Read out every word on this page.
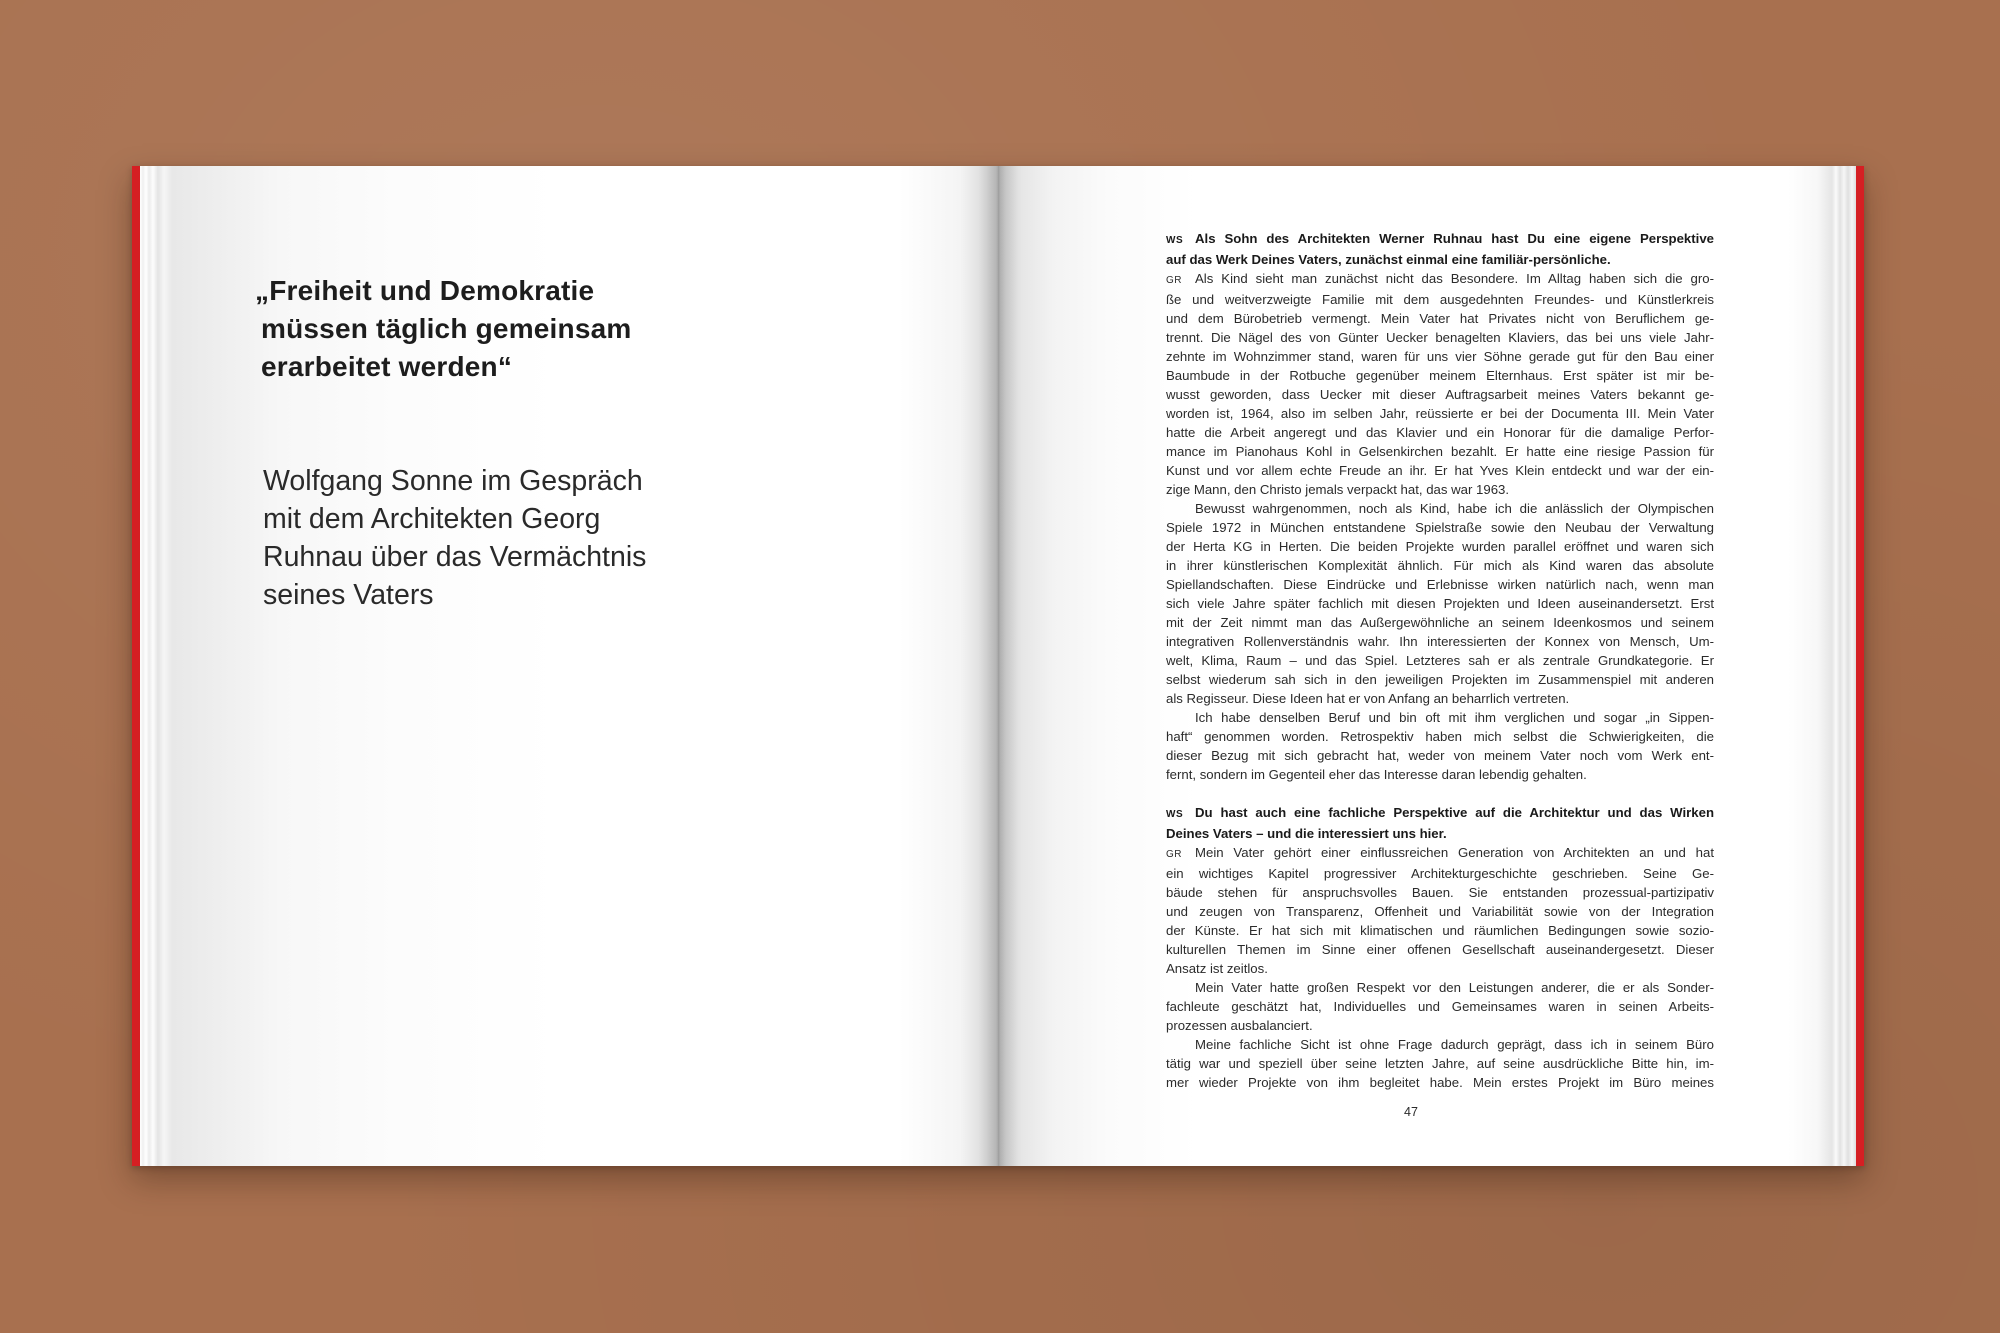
„Freiheit und Demokratie
müssen täglich gemeinsam
erarbeitet werden“

Wolfgang Sonne im Gespräch
mit dem Architekten Georg
Ruhnau über das Vermächtnis
seines Vaters

WS Als Sohn des Architekten Werner Ruhnau hast Du eine eigene Perspektive
auf das Werk Deines Vaters, zunächst einmal eine familiär-persönliche.
GR Als Kind sieht man zunächst nicht das Besondere. Im Alltag haben sich die gro-
ße und weitverzweigte Familie mit dem ausgedehnten Freundes- und Künstlerkreis
und dem Bürobetrieb vermengt. Mein Vater hat Privates nicht von Beruflichem ge-
trennt. Die Nägel des von Günter Uecker benagelten Klaviers, das bei uns viele Jahr-
zehnte im Wohnzimmer stand, waren für uns vier Söhne gerade gut für den Bau einer
Baumbude in der Rotbuche gegenüber meinem Elternhaus. Erst später ist mir be-
wusst geworden, dass Uecker mit dieser Auftragsarbeit meines Vaters bekannt ge-
worden ist, 1964, also im selben Jahr, reüssierte er bei der Documenta III. Mein Vater
hatte die Arbeit angeregt und das Klavier und ein Honorar für die damalige Perfor-
mance im Pianohaus Kohl in Gelsenkirchen bezahlt. Er hatte eine riesige Passion für
Kunst und vor allem echte Freude an ihr. Er hat Yves Klein entdeckt und war der ein-
zige Mann, den Christo jemals verpackt hat, das war 1963.
Bewusst wahrgenommen, noch als Kind, habe ich die anlässlich der Olympischen
Spiele 1972 in München entstandene Spielstraße sowie den Neubau der Verwaltung
der Herta KG in Herten. Die beiden Projekte wurden parallel eröffnet und waren sich
in ihrer künstlerischen Komplexität ähnlich. Für mich als Kind waren das absolute
Spiellandschaften. Diese Eindrücke und Erlebnisse wirken natürlich nach, wenn man
sich viele Jahre später fachlich mit diesen Projekten und Ideen auseinandersetzt. Erst
mit der Zeit nimmt man das Außergewöhnliche an seinem Ideenkosmos und seinem
integrativen Rollenverständnis wahr. Ihn interessierten der Konnex von Mensch, Um-
welt, Klima, Raum – und das Spiel. Letzteres sah er als zentrale Grundkategorie. Er
selbst wiederum sah sich in den jeweiligen Projekten im Zusammenspiel mit anderen
als Regisseur. Diese Ideen hat er von Anfang an beharrlich vertreten.
Ich habe denselben Beruf und bin oft mit ihm verglichen und sogar „in Sippen-
haft“ genommen worden. Retrospektiv haben mich selbst die Schwierigkeiten, die
dieser Bezug mit sich gebracht hat, weder von meinem Vater noch vom Werk ent-
fernt, sondern im Gegenteil eher das Interesse daran lebendig gehalten.
WS Du hast auch eine fachliche Perspektive auf die Architektur und das Wirken
Deines Vaters – und die interessiert uns hier.
GR Mein Vater gehört einer einflussreichen Generation von Architekten an und hat
ein wichtiges Kapitel progressiver Architekturgeschichte geschrieben. Seine Ge-
bäude stehen für anspruchsvolles Bauen. Sie entstanden prozessual-partizipativ
und zeugen von Transparenz, Offenheit und Variabilität sowie von der Integration
der Künste. Er hat sich mit klimatischen und räumlichen Bedingungen sowie sozio-
kulturellen Themen im Sinne einer offenen Gesellschaft auseinandergesetzt. Dieser
Ansatz ist zeitlos.
Mein Vater hatte großen Respekt vor den Leistungen anderer, die er als Sonder-
fachleute geschätzt hat, Individuelles und Gemeinsames waren in seinen Arbeits-
prozessen ausbalanciert.
Meine fachliche Sicht ist ohne Frage dadurch geprägt, dass ich in seinem Büro
tätig war und speziell über seine letzten Jahre, auf seine ausdrückliche Bitte hin, im-
mer wieder Projekte von ihm begleitet habe. Mein erstes Projekt im Büro meines
47
